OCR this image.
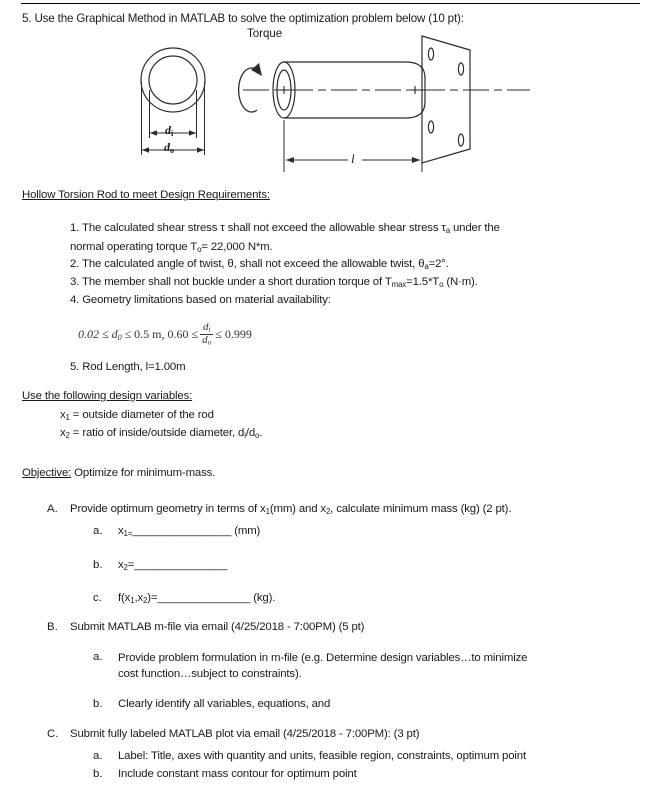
5. Use the Graphical Method in MATLAB to solve the optimization problem below (10 pt):
Torque
$d_i$
$d_o$
l
Hollow Torsion Rod to meet Design Requirements:
1. The calculated shear stress τ shall not exceed the allowable shear stress $\tau_a$ under the
normal operating torque $T_o= 22,000$ N*m.
2. The calculated angle of twist, θ, shall not exceed the allowable twist, $\theta_a=2^\circ$.
3. The member shall not buckle under a short duration torque of $T_{max}=1.5*T_o$ (N·m).
4. Geometry limitations based on material availability:
$0.02 \le d_0 \le 0.5$ m, $0.60 \le \frac{d_i}{d_o} \le 0.999$
5. Rod Length, l=1.00m
Use the following design variables:
$x_1$ = outside diameter of the rod
$x_2$ = ratio of inside/outside diameter, $d_i/d_o$.
Objective: Optimize for minimum-mass.
A. Provide optimum geometry in terms of $x_1(mm)$ and $x_2$, calculate minimum mass (kg) (2 pt).
a. $x_{1=}\_\_\_\_\_\_\_\_\_\_\_\_\_\_\_\_$ (mm)
b. $x_2=\_\_\_\_\_\_\_\_\_\_\_\_\_\_\_$
c. $f(x_1,x_2)=\_\_\_\_\_\_\_\_\_\_\_\_\_\_\_$ (kg).
B. Submit MATLAB m-file via email (4/25/2018 - 7:00PM) (5 pt)
a. Provide problem formulation in m-file (e.g. Determine design variables…to minimize
cost function…subject to constraints).
b. Clearly identify all variables, equations, and
C. Submit fully labeled MATLAB plot via email (4/25/2018 - 7:00PM): (3 pt)
a. Label: Title, axes with quantity and units, feasible region, constraints, optimum point
b. Include constant mass contour for optimum point
